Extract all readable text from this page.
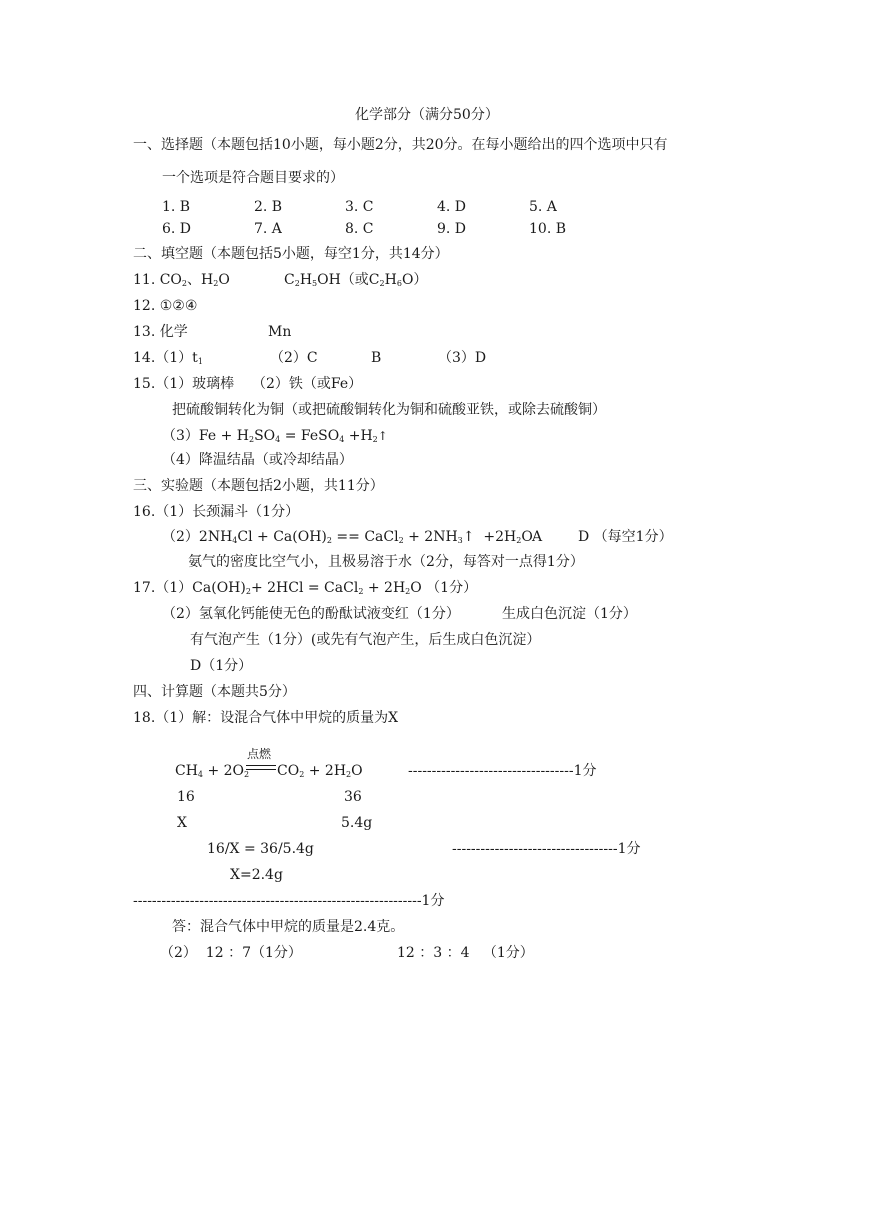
化学部分（满分50分）
一、选择题（本题包括10小题，每小题2分，共20分。在每小题给出的四个选项中只有
一个选项是符合题目要求的）
1. B	2. B	3. C	4. D	5. A
6. D	7. A	8. C	9. D	10. B
二、填空题（本题包括5小题，每空1分，共14分）
11. $CO_2$、$H_2O$	$C_2H_5OH$（或$C_2H_6O$）
12. ①②④
13. 化学	Mn
$14.(1)t_1$	（2）C	B	（3）D
15.（1）玻璃棒    （2）铁（或Fe）
把硫酸铜转化为铜（或把硫酸铜转化为铜和硫酸亚铁，或除去硫酸铜）
$(3)Fe + H_2SO_4$ = FeSO$_4$ $+H_2↑$
（4）降温结晶（或冷却结晶）
三、实验题（本题包括2小题，共11分）
16.（1）长颈漏斗（1分）
$(2)2NH_4Cl + Ca(OH)_2$ == CaCl$_2$ + $2NH_3↑ +2H_2O$ A	D （每空1分）
氨气的密度比空气小，且极易溶于水（2分，每答对一点得1分）
$17.(1)Ca(OH)_2+ 2HCl$ = CaCl$_2$ + $2H_2O$ （1分）
（2）氢氧化钙能使无色的酚酞试液变红（1分）	生成白色沉淀（1分）
有气泡产生（1分）(或先有气泡产生，后生成白色沉淀）
D（1分）
四、计算题（本题共5分）
18.（1）解：设混合气体中甲烷的质量为X
点燃
$CH_4 + 2O_2$ $CO_2 + 2H_2O$	-----------------------------------1分
16	36
X	5.4g
16/X = 36/5.4g	-----------------------------------1分
X=2.4g
-------------------------------------------------------------1分
答：混合气体中甲烷的质量是2.4克。
（2）  12 ：7（1分）	12 ：3 ：4   （1分）
